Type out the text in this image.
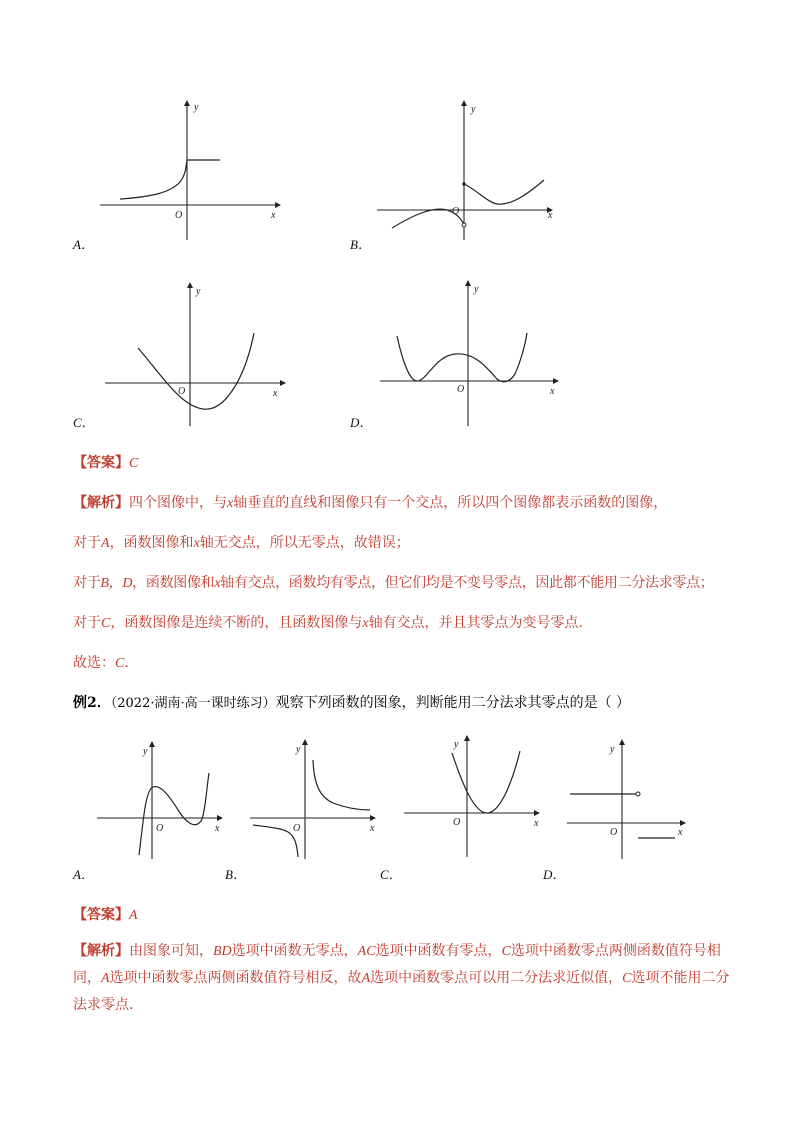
y
x
O
A．
y
x
O
B．
y
x
O
C．
y
x
O
D．
【答案】C
【解析】四个图像中，与x轴垂直的直线和图像只有一个交点，所以四个图像都表示函数的图像，
对于A，函数图像和x轴无交点，所以无零点，故错误；
对于B，D，函数图像和x轴有交点，函数均有零点，但它们均是不变号零点，因此都不能用二分法求零点；
对于C，函数图像是连续不断的，且函数图像与x轴有交点，并且其零点为变号零点．
故选：C．
例2．（2022·湖南·高一课时练习）观察下列函数的图象，判断能用二分法求其零点的是（ ）
y
x
O
A．
y
x
O
B．
y
x
O
C．
y
x
O
D．
【答案】A
【解析】由图象可知，BD选项中函数无零点，AC选项中函数有零点，C选项中函数零点两侧函数值符号相同，A选项中函数零点两侧函数值符号相反，故A选项中函数零点可以用二分法求近似值，C选项不能用二分法求零点．
